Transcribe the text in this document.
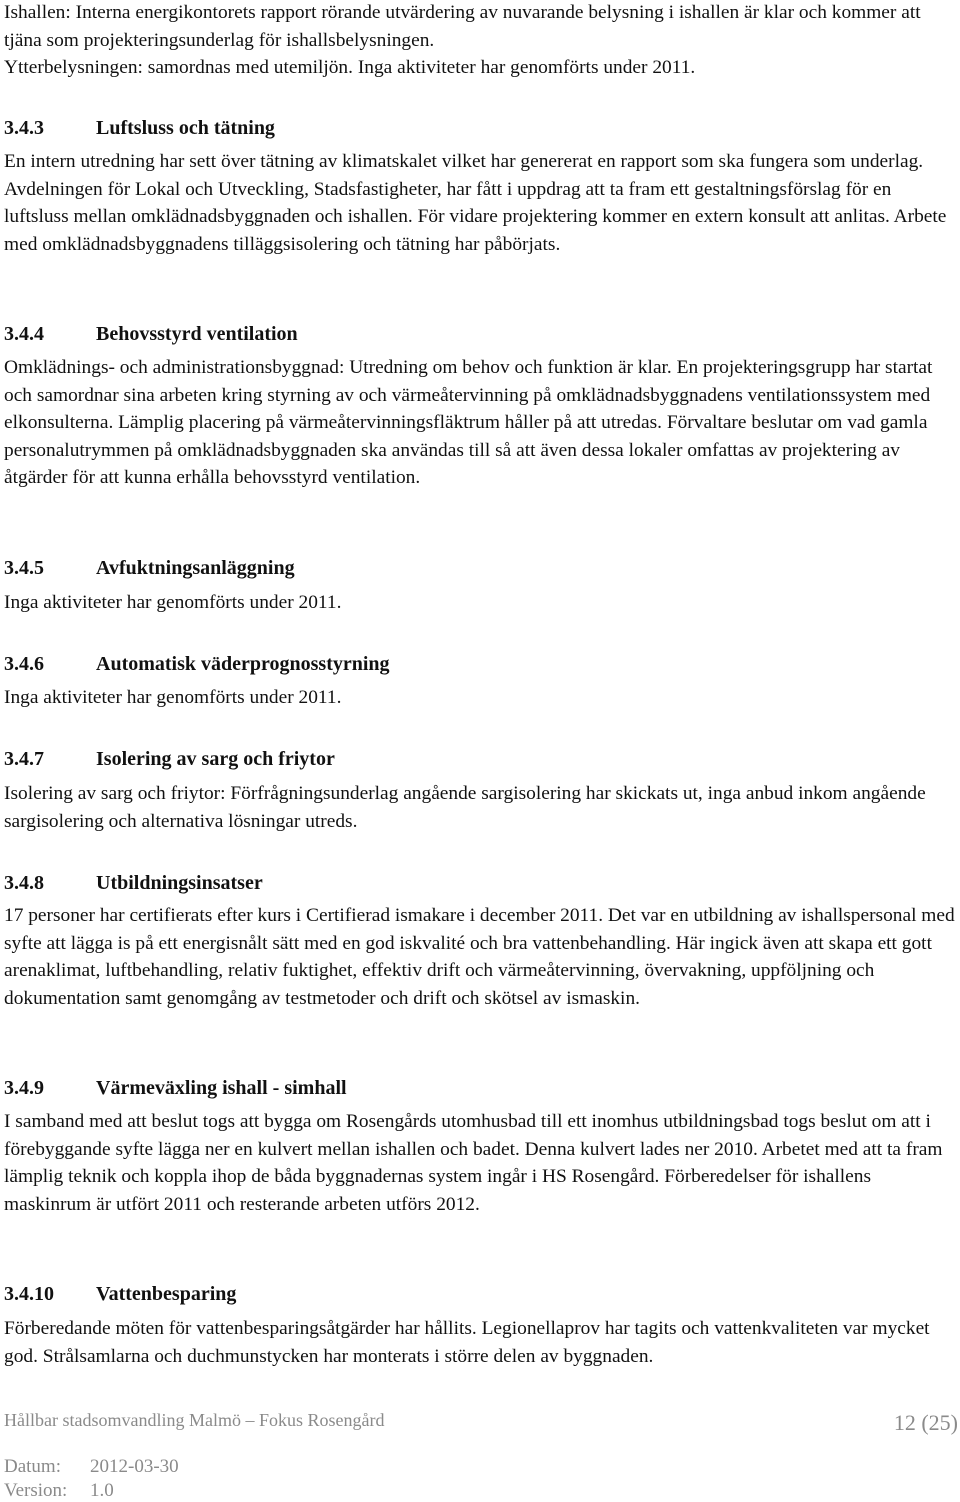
Ishallen: Interna energikontorets rapport rörande utvärdering av nuvarande belysning i ishallen är klar och kommer att tjäna som projekteringsunderlag för ishallsbelysningen.

Ytterbelysningen: samordnas med utemiljön. Inga aktiviteter har genomförts under 2011.

3.4.3	Luftsluss och tätning

En intern utredning har sett över tätning av klimatskalet vilket har genererat en rapport som ska fungera som underlag. Avdelningen för Lokal och Utveckling, Stadsfastigheter, har fått i uppdrag att ta fram ett gestaltningsförslag för en luftsluss mellan omklädnadsbyggnaden och ishallen. För vidare projektering kommer en extern konsult att anlitas. Arbete med omklädnadsbyggnadens tilläggsisolering och tätning har påbörjats.

3.4.4	Behovsstyrd ventilation

Omklädnings- och administrationsbyggnad: Utredning om behov och funktion är klar. En projekteringsgrupp har startat och samordnar sina arbeten kring styrning av och värmeåtervinning på omklädnadsbyggnadens ventilationssystem med elkonsulterna. Lämplig placering på värmeåtervinningsfläktrum håller på att utredas. Förvaltare beslutar om vad gamla personalutrymmen på omklädnadsbyggnaden ska användas till så att även dessa lokaler omfattas av projektering av åtgärder för att kunna erhålla behovsstyrd ventilation.

3.4.5	Avfuktningsanläggning

Inga aktiviteter har genomförts under 2011.

3.4.6	Automatisk väderprognosstyrning

Inga aktiviteter har genomförts under 2011.

3.4.7	Isolering av sarg och friytor

Isolering av sarg och friytor: Förfrågningsunderlag angående sargisolering har skickats ut, inga anbud inkom angående sargisolering och alternativa lösningar utreds.

3.4.8	Utbildningsinsatser

17 personer har certifierats efter kurs i Certifierad ismakare i december 2011. Det var en utbildning av ishallspersonal med syfte att lägga is på ett energisnålt sätt med en god iskvalité och bra vattenbehandling. Här ingick även att skapa ett gott arenaklimat, luftbehandling, relativ fuktighet, effektiv drift och värmeåtervinning, övervakning, uppföljning och dokumentation samt genomgång av testmetoder och drift och skötsel av ismaskin.

3.4.9	Värmeväxling ishall - simhall

I samband med att beslut togs att bygga om Rosengårds utomhusbad till ett inomhus utbildningsbad togs beslut om att i förebyggande syfte lägga ner en kulvert mellan ishallen och badet. Denna kulvert lades ner 2010. Arbetet med att ta fram lämplig teknik och koppla ihop de båda byggnadernas system ingår i HS Rosengård. Förberedelser för ishallens maskinrum är utfört 2011 och resterande arbeten utförs 2012.

3.4.10 Vattenbesparing

Förberedande möten för vattenbesparingsåtgärder har hållits. Legionellaprov har tagits och vattenkvaliteten var mycket god. Strålsamlarna och duchmunstycken har monterats i större delen av byggnaden.

Hållbar stadsomvandling Malmö – Fokus Rosengård	12 (25)
Datum: 2012-03-30
Version: 1.0
